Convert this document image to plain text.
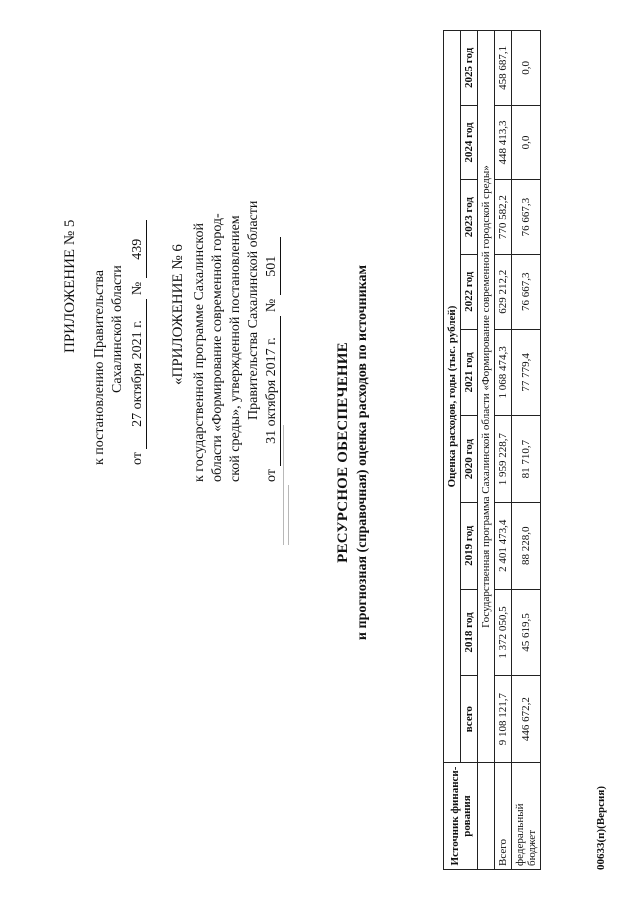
ПРИЛОЖЕНИЕ № 5 к постановлению Правительства Сахалинской области
от 27 октября 2021 г. № 439 «ПРИЛОЖЕНИЕ № 6 к государственной программе Сахалинской области «Формирование современной город- ской среды», утвержденной постановлением Правительства Сахалинской области
от 31 октября 2017 г. № 501
РЕСУРСНОЕ ОБЕСПЕЧЕНИЕ и прогнозная (справочная) оценка расходов по источникам
Источник финанси-рования	Оценка расходов, годы (тыс. рублей)								
	всего	2018 год	2019 год	2020 год	2021 год	2022 год	2023 год	2024 год	2025 год
	Государственная программа Сахалинской области «Формирование современной городской среды»								
Всего	9 108 121,7	1 372 050,5	2 401 473,4	1 959 228,7	1 068 474,3	629 212,2	770 582,2	448 413,3	458 687,1
федеральный бюджет	446 672,2	45 619,5	88 228,0	81 710,7	77 779,4	76 667,3	76 667,3	0,0	0,0
00633(п)(Версия)
